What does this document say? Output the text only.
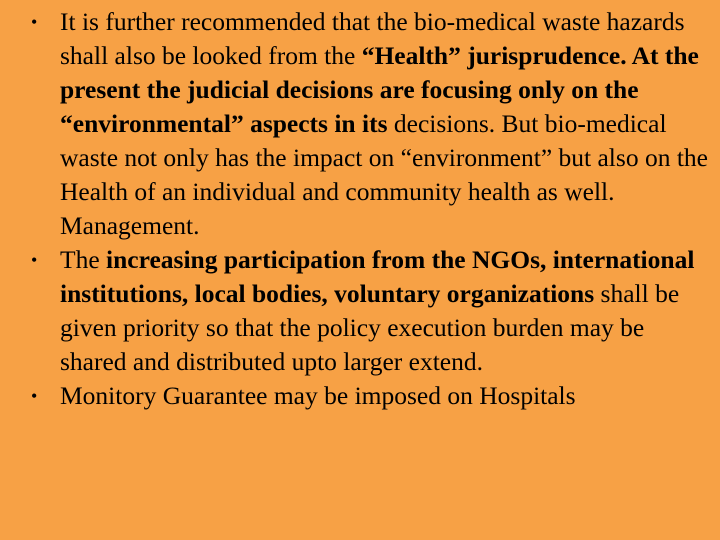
• It is further recommended that the bio-medical waste hazards shall also be looked from the “Health” jurisprudence. At the present the judicial decisions are focusing only on the “environmental” aspects in its decisions. But bio-medical waste not only has the impact on “environment” but also on the Health of an individual and community health as well. Management.
• The increasing participation from the NGOs, international institutions, local bodies, voluntary organizations shall be given priority so that the policy execution burden may be shared and distributed upto larger extend.
• Monitory Guarantee may be imposed on Hospitals
